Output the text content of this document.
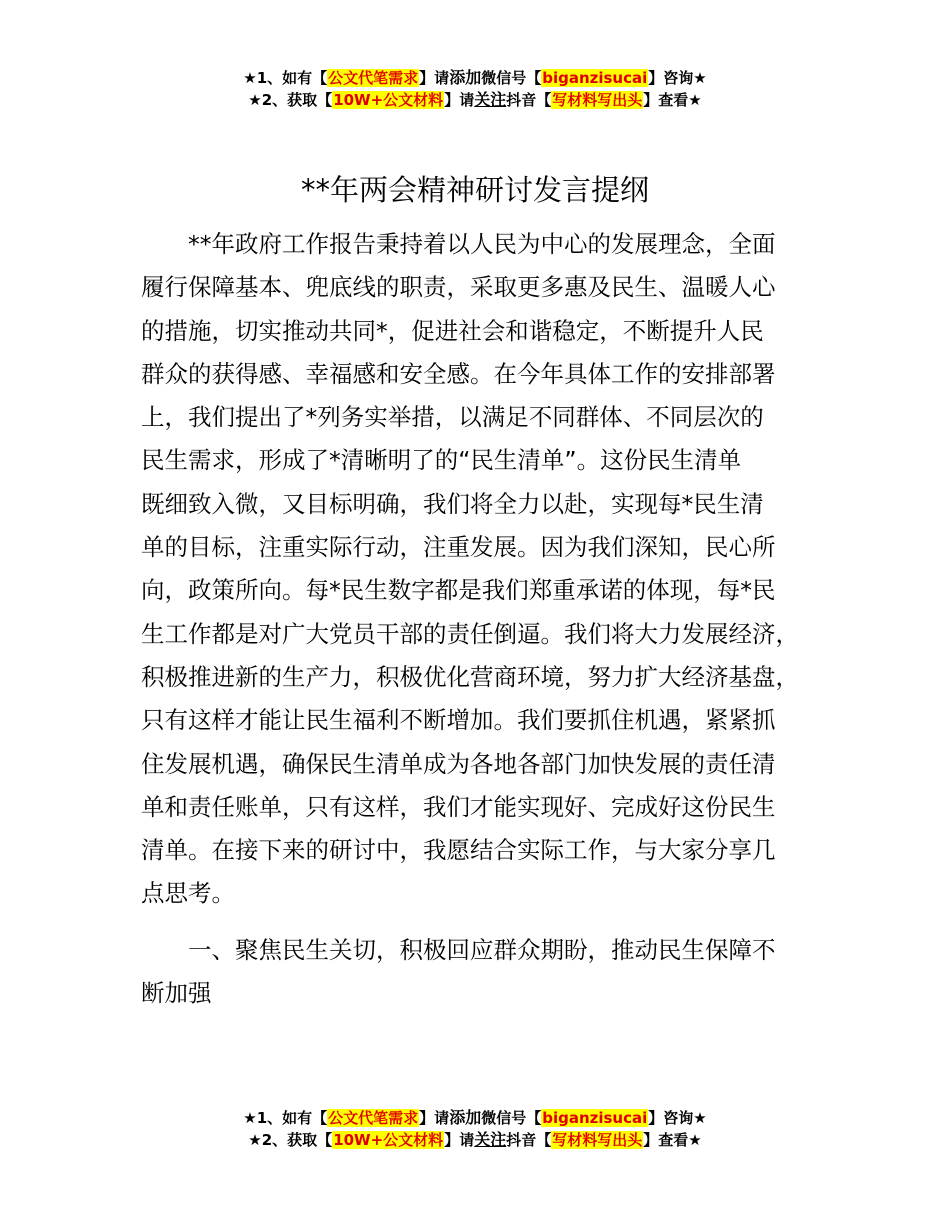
★1、如有【公文代笔需求】请添加微信号【biganzisucai】咨询★
★2、获取【10W+公文材料】请关注抖音【写材料写出头】查看★
**年两会精神研讨发言提纲
**年政府工作报告秉持着以人民为中心的发展理念，全面
履行保障基本、兜底线的职责，采取更多惠及民生、温暖人心
的措施，切实推动共同*，促进社会和谐稳定，不断提升人民
群众的获得感、幸福感和安全感。在今年具体工作的安排部署
上，我们提出了*列务实举措，以满足不同群体、不同层次的
民生需求，形成了*清晰明了的“民生清单”。这份民生清单
既细致入微，又目标明确，我们将全力以赴，实现每*民生清
单的目标，注重实际行动，注重发展。因为我们深知，民心所
向，政策所向。每*民生数字都是我们郑重承诺的体现，每*民
生工作都是对广大党员干部的责任倒逼。我们将大力发展经济，
积极推进新的生产力，积极优化营商环境，努力扩大经济基盘，
只有这样才能让民生福利不断增加。我们要抓住机遇，紧紧抓
住发展机遇，确保民生清单成为各地各部门加快发展的责任清
单和责任账单，只有这样，我们才能实现好、完成好这份民生
清单。在接下来的研讨中，我愿结合实际工作，与大家分享几
点思考。
一、聚焦民生关切，积极回应群众期盼，推动民生保障不
断加强
★1、如有【公文代笔需求】请添加微信号【biganzisucai】咨询★
★2、获取【10W+公文材料】请关注抖音【写材料写出头】查看★
